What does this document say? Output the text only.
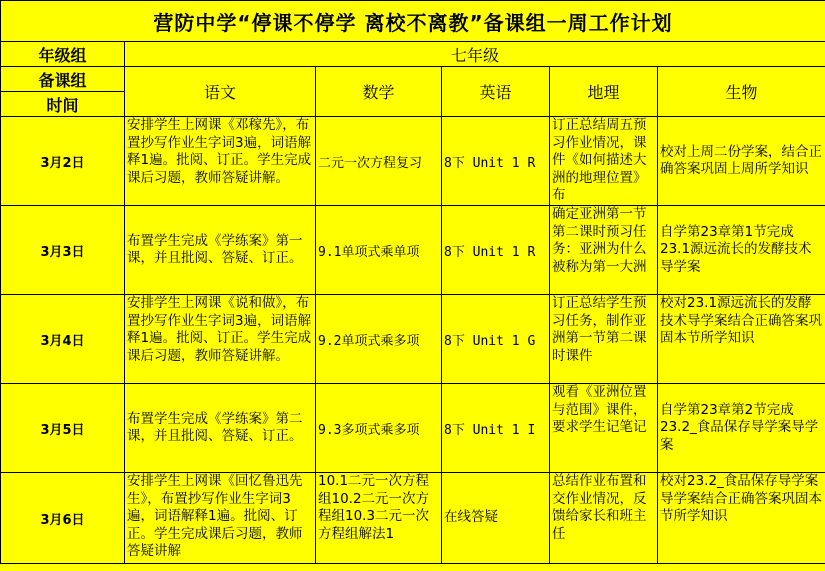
营防中学“停课不停学 离校不离教”备课组一周工作计划					
年级组	七年级				
备课组	语文	数学	英语	地理	生物
时间					
3月2日	安排学生上网课《邓稼先》，布置抄写作业生字词3遍，词语解释1遍。批阅、订正。学生完成课后习题，教师答疑讲解。	二元一次方程复习	8下 Unit 1 R	订正总结周五预习作业情况，课件《如何描述大洲的地理位置》布	校对上周二份学案，结合正确答案巩固上周所学知识
3月3日	布置学生完成《学练案》第一课，并且批阅、答疑、订正。	9.1单项式乘单项	8下 Unit 1 R	确定亚洲第一节第二课时预习任务：亚洲为什么被称为第一大洲	自学第23章第1节完成23.1源远流长的发酵技术导学案
3月4日	安排学生上网课《说和做》，布置抄写作业生字词3遍，词语解释1遍。批阅、订正。学生完成课后习题，教师答疑讲解。	9.2单项式乘多项	8下 Unit 1 G	订正总结学生预习任务，制作亚洲第一节第二课时课件	校对23.1源远流长的发酵技术导学案结合正确答案巩固本节所学知识

3月5日	布置学生完成《学练案》第二课，并且批阅、答疑、订正。	9.3多项式乘多项	8下 Unit 1 I	观看《亚洲位置与范围》课件，要求学生记笔记	自学第23章第2节完成23.2_食品保存导学案导学案
3月6日	安排学生上网课《回忆鲁迅先生》，布置抄写作业生字词3遍，词语解释1遍。批阅、订正。学生完成课后习题，教师答疑讲解	10.1二元一次方程组10.2二元一次方程组10.3二元一次方程组解法1	在线答疑	总结作业布置和交作业情况，反馈给家长和班主任	校对23.2_食品保存导学案导学案结合正确答案巩固本节所学知识
